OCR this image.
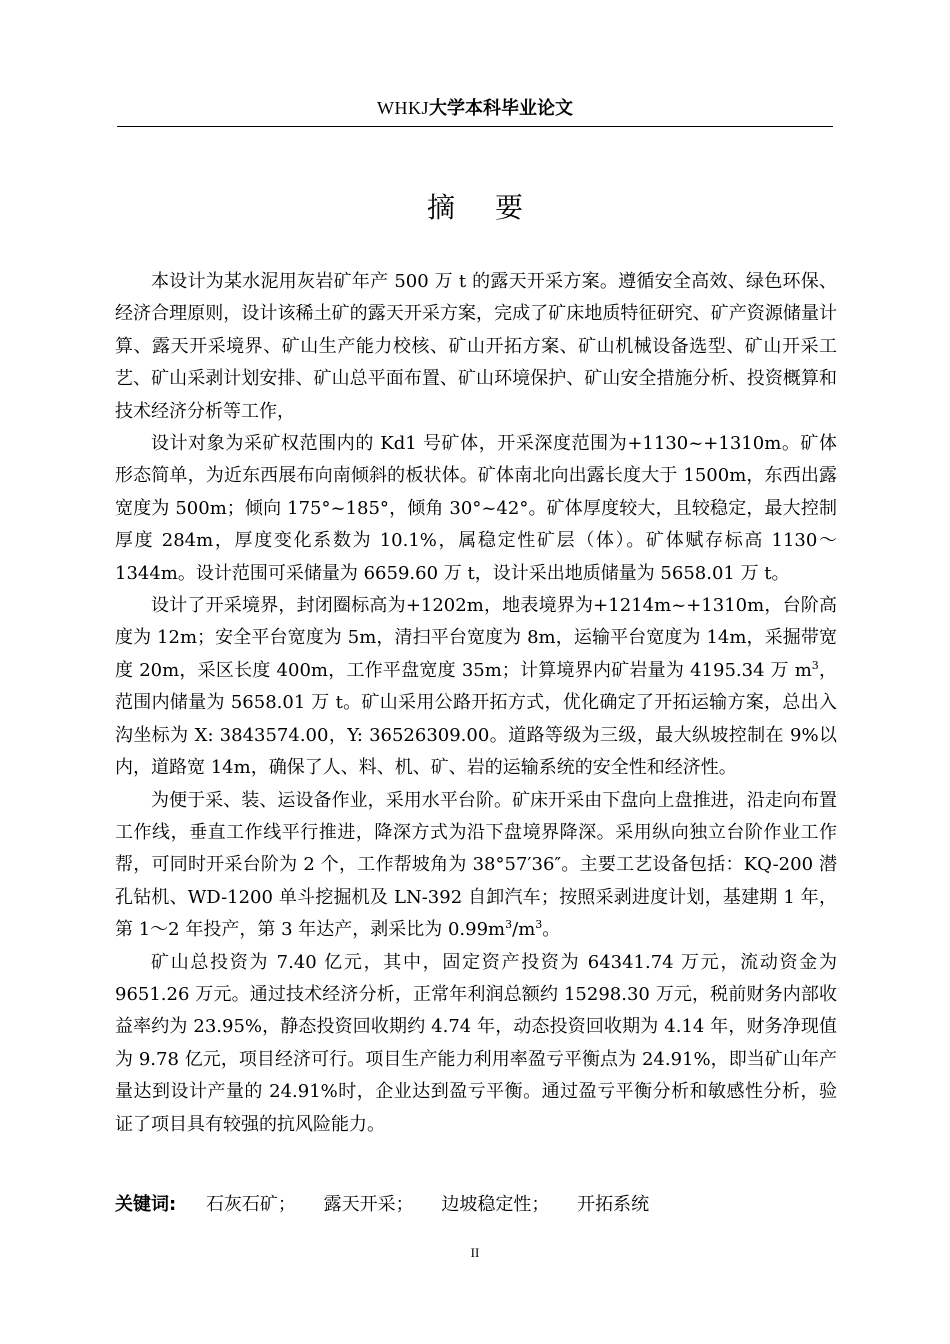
WHKJ大学本科毕业论文
摘要

本设计为某水泥用灰岩矿年产 500 万 t 的露天开采方案。遵循安全高效、绿色环保、经济合理原则，设计该稀土矿的露天开采方案，完成了矿床地质特征研究、矿产资源储量计算、露天开采境界、矿山生产能力校核、矿山开拓方案、矿山机械设备选型、矿山开采工艺、矿山采剥计划安排、矿山总平面布置、矿山环境保护、矿山安全措施分析、投资概算和技术经济分析等工作，

设计对象为采矿权范围内的 Kd1 号矿体，开采深度范围为+1130~+1310m。矿体形态简单，为近东西展布向南倾斜的板状体。矿体南北向出露长度大于 1500m，东西出露宽度为 500m；倾向 175°~185°，倾角 30°~42°。矿体厚度较大，且较稳定，最大控制厚度 284m，厚度变化系数为 10.1%，属稳定性矿层（体）。矿体赋存标高 1130～1344m。设计范围可采储量为 6659.60 万 t，设计采出地质储量为 5658.01 万 t。

设计了开采境界，封闭圈标高为+1202m，地表境界为+1214m~+1310m，台阶高度为 12m；安全平台宽度为 5m，清扫平台宽度为 8m，运输平台宽度为 14m，采掘带宽度 20m，采区长度 400m，工作平盘宽度 35m；计算境界内矿岩量为 4195.34 万 $m^3$，范围内储量为 5658.01 万 t。矿山采用公路开拓方式，优化确定了开拓运输方案，总出入沟坐标为 X: 3843574.00，Y: 36526309.00。道路等级为三级，最大纵坡控制在 9%以内，道路宽 14m，确保了人、料、机、矿、岩的运输系统的安全性和经济性。

为便于采、装、运设备作业，采用水平台阶。矿床开采由下盘向上盘推进，沿走向布置工作线，垂直工作线平行推进，降深方式为沿下盘境界降深。采用纵向独立台阶作业工作帮，可同时开采台阶为 2 个，工作帮坡角为 38°57′36″。主要工艺设备包括：KQ-200 潜孔钻机、WD-1200 单斗挖掘机及 LN-392 自卸汽车；按照采剥进度计划，基建期 1 年，第 1～2 年投产，第 3 年达产，剥采比为 $0.99m^3/m^3$。

矿山总投资为 7.40 亿元，其中，固定资产投资为 64341.74 万元，流动资金为 9651.26 万元。通过技术经济分析，正常年利润总额约 15298.30 万元，税前财务内部收益率约为 23.95%，静态投资回收期约 4.74 年，动态投资回收期为 4.14 年，财务净现值为 9.78 亿元，项目经济可行。项目生产能力利用率盈亏平衡点为 24.91%，即当矿山年产量达到设计产量的 24.91%时，企业达到盈亏平衡。通过盈亏平衡分析和敏感性分析，验证了项目具有较强的抗风险能力。

关键词: 石灰石矿； 露天开采； 边坡稳定性； 开拓系统
II
